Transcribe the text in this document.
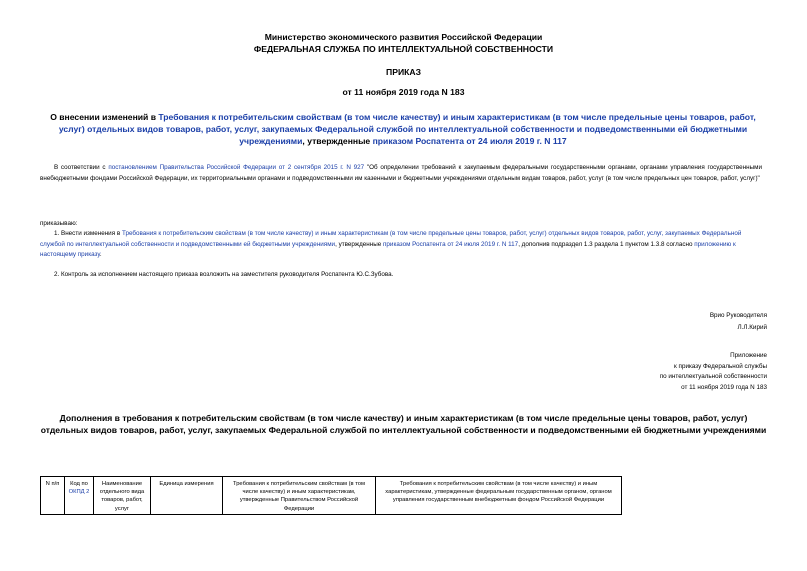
Министерство экономического развития Российской Федерации
ФЕДЕРАЛЬНАЯ СЛУЖБА ПО ИНТЕЛЛЕКТУАЛЬНОЙ СОБСТВЕННОСТИ
ПРИКАЗ
от 11 ноября 2019 года N 183
О внесении изменений в Требования к потребительским свойствам (в том числе качеству) и иным характеристикам (в том числе предельные цены товаров, работ, услуг) отдельных видов товаров, работ, услуг, закупаемых Федеральной службой по интеллектуальной собственности и подведомственными ей бюджетными учреждениями, утвержденные приказом Роспатента от 24 июля 2019 г. N 117
В соответствии с постановлением Правительства Российской Федерации от 2 сентября 2015 г. N 927 "Об определении требований к закупаемым федеральными государственными органами, органами управления государственными внебюджетными фондами Российской Федерации, их территориальными органами и подведомственными им казенными и бюджетными учреждениями отдельным видам товаров, работ, услуг (в том числе предельных цен товаров, работ, услуг)"
приказываю:
1. Внести изменения в Требования к потребительским свойствам (в том числе качеству) и иным характеристикам (в том числе предельные цены товаров, работ, услуг) отдельных видов товаров, работ, услуг, закупаемых Федеральной службой по интеллектуальной собственности и подведомственными ей бюджетными учреждениями, утвержденные приказом Роспатента от 24 июля 2019 г. N 117, дополнив подраздел 1.3 раздела 1 пунктом 1.3.8 согласно приложению к настоящему приказу.
2. Контроль за исполнением настоящего приказа возложить на заместителя руководителя Роспатента Ю.С.Зубова.
Врио Руководителя
Л.Л.Кирий
Приложение
к приказу Федеральной службы
по интеллектуальной собственности
от 11 ноября 2019 года N 183
Дополнения в требования к потребительским свойствам (в том числе качеству) и иным характеристикам (в том числе предельные цены товаров, работ, услуг) отдельных видов товаров, работ, услуг, закупаемых Федеральной службой по интеллектуальной собственности и подведомственными ей бюджетными учреждениями
N п/п	Код по ОКПД 2	Наименование отдельного вида товаров, работ, услуг	Единица измерения	Требования к потребительским свойствам (в том числе качеству) и иным характеристикам, утвержденные Правительством Российской Федерации	Требования к потребительским свойствам (в том числе качеству) и иным характеристикам, утвержденные федеральным государственным органом, органом управления государственным внебюджетным фондом Российской Федерации
